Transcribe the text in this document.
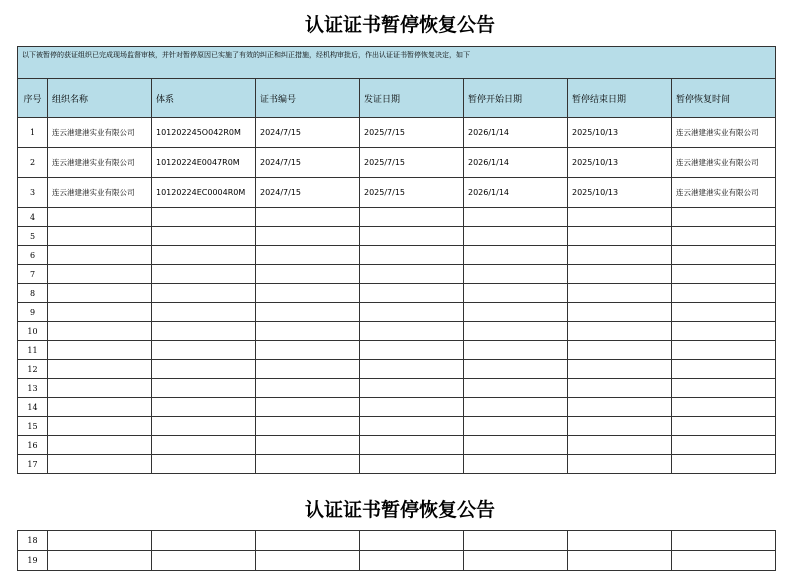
认证证书暂停恢复公告
以下被暂停的获证组织已完成现场监督审核，并针对暂停原因已实施了有效的纠正和纠正措施，经机构审批后，作出认证证书暂停恢复决定，如下							
序号	组织名称	体系	证书编号	发证日期	暂停开始日期	暂停结束日期	暂停恢复时间
1	连云港建港实业有限公司	101202245O042R0M	2024/7/15	2025/7/15	2026/1/14	2025/10/13	连云港建港实业有限公司
2	连云港建港实业有限公司	10120224E0047R0M	2024/7/15	2025/7/15	2026/1/14	2025/10/13	连云港建港实业有限公司
3	连云港建港实业有限公司	10120224EC0004R0M	2024/7/15	2025/7/15	2026/1/14	2025/10/13	连云港建港实业有限公司
4							
5							
6							
7							
8							
9							
10							
11							
12							
13							
14							
15							
16							
17							
认证证书暂停恢复公告
18							
19							
